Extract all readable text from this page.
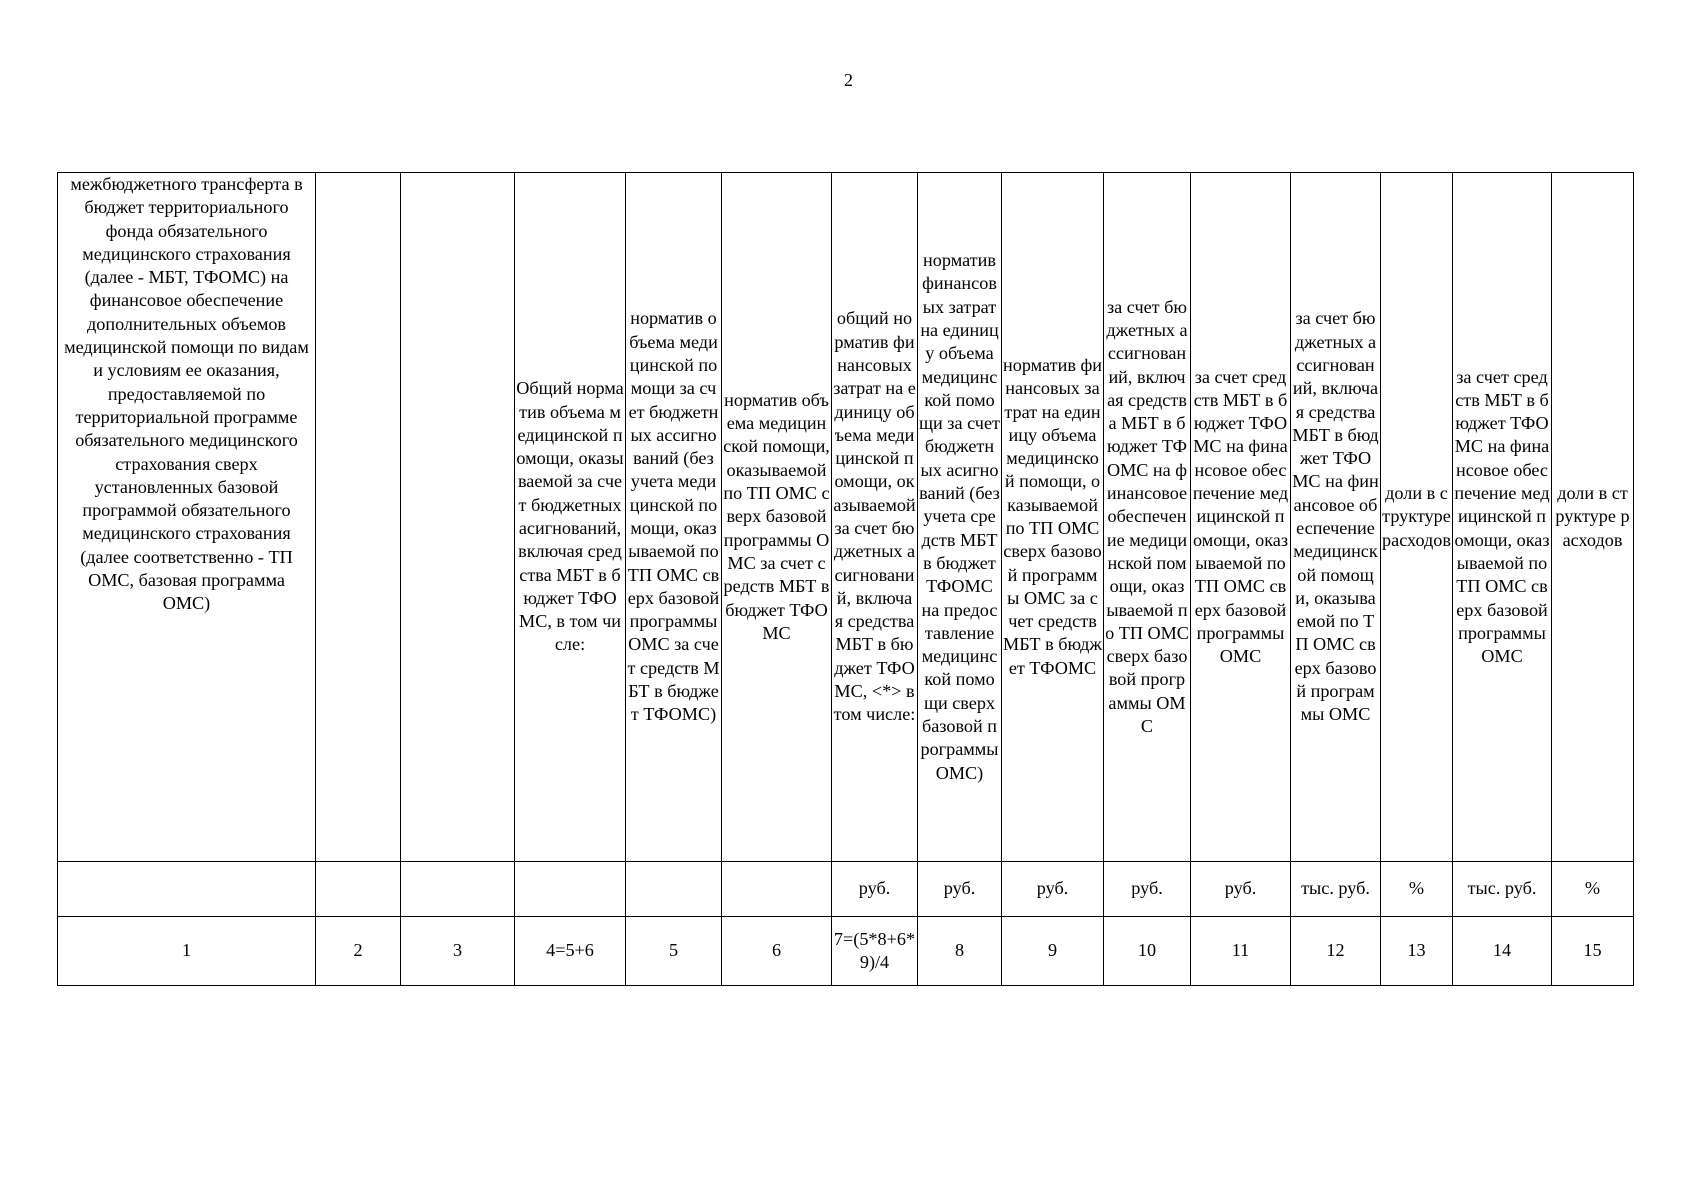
2
межбюджетного трансферта в бюджет территориального фонда обязательного медицинского страхования (далее - МБТ, ТФОМС) на финансовое обеспечение дополнительных объемов медицинской помощи по видам и условиям ее оказания, предоставляемой по территориальной программе обязательного медицинского страхования сверх установленных базовой программой обязательного медицинского страхования (далее соответственно - ТП ОМС, базовая программа ОМС)			Общий норматив объема медицинской помощи, оказываемой за счет бюджетных асигнований, включая средства МБТ в бюджет ТФОМС, в том числе:	норматив объема медицинской помощи за счет бюджетных ассигнований (без учета медицинской помощи, оказываемой по ТП ОМС сверх базовой программы ОМС за счет средств МБТ в бюджет ТФОМС)	норматив объема медицинской помощи, оказываемой по ТП ОМС сверх базовой программы ОМС за счет средств МБТ в бюджет ТФОМС	общий норматив финансовых затрат на единицу объема медицинской помощи, оказываемой за счет бюджетных асигнований, включая средства МБТ в бюджет ТФОМС, <*> в том числе:	норматив финансовых затрат на единицу объема медицинской помощи за счет бюджетных асигнований (без учета средств МБТ в бюджет ТФОМС на предоставление медицинской помощи сверх базовой программы ОМС)	норматив финансовых затрат на единицу объема медицинской помощи, оказываемой по ТП ОМС сверх базовой программы ОМС за счет средств МБТ в бюджет ТФОМС	за счет бюджетных ассигнований, включая средства МБТ в бюджет ТФОМС на финансовое обеспечение медицинской помощи, оказываемой по ТП ОМС сверх базовой программы ОМС	за счет средств МБТ в бюджет ТФОМС на финансовое обеспечение медицинской помощи, оказываемой по ТП ОМС сверх базовой программы ОМС	за счет бюджетных ассигнований, включая средства МБТ в бюджет ТФОМС на финансовое обеспечение медицинской помощи, оказываемой по ТП ОМС сверх базовой программы ОМС	доли в структуре расходов	за счет средств МБТ в бюджет ТФОМС на финансовое обеспечение медицинской помощи, оказываемой по ТП ОМС сверх базовой программы ОМС	доли в структуре расходов
						руб.	руб.	руб.	руб.	руб.	тыс. руб.	%	тыс. руб.	%
1	2	3	4=5+6	5	6	7=(5*8+6*9)/4	8	9	10	11	12	13	14	15
